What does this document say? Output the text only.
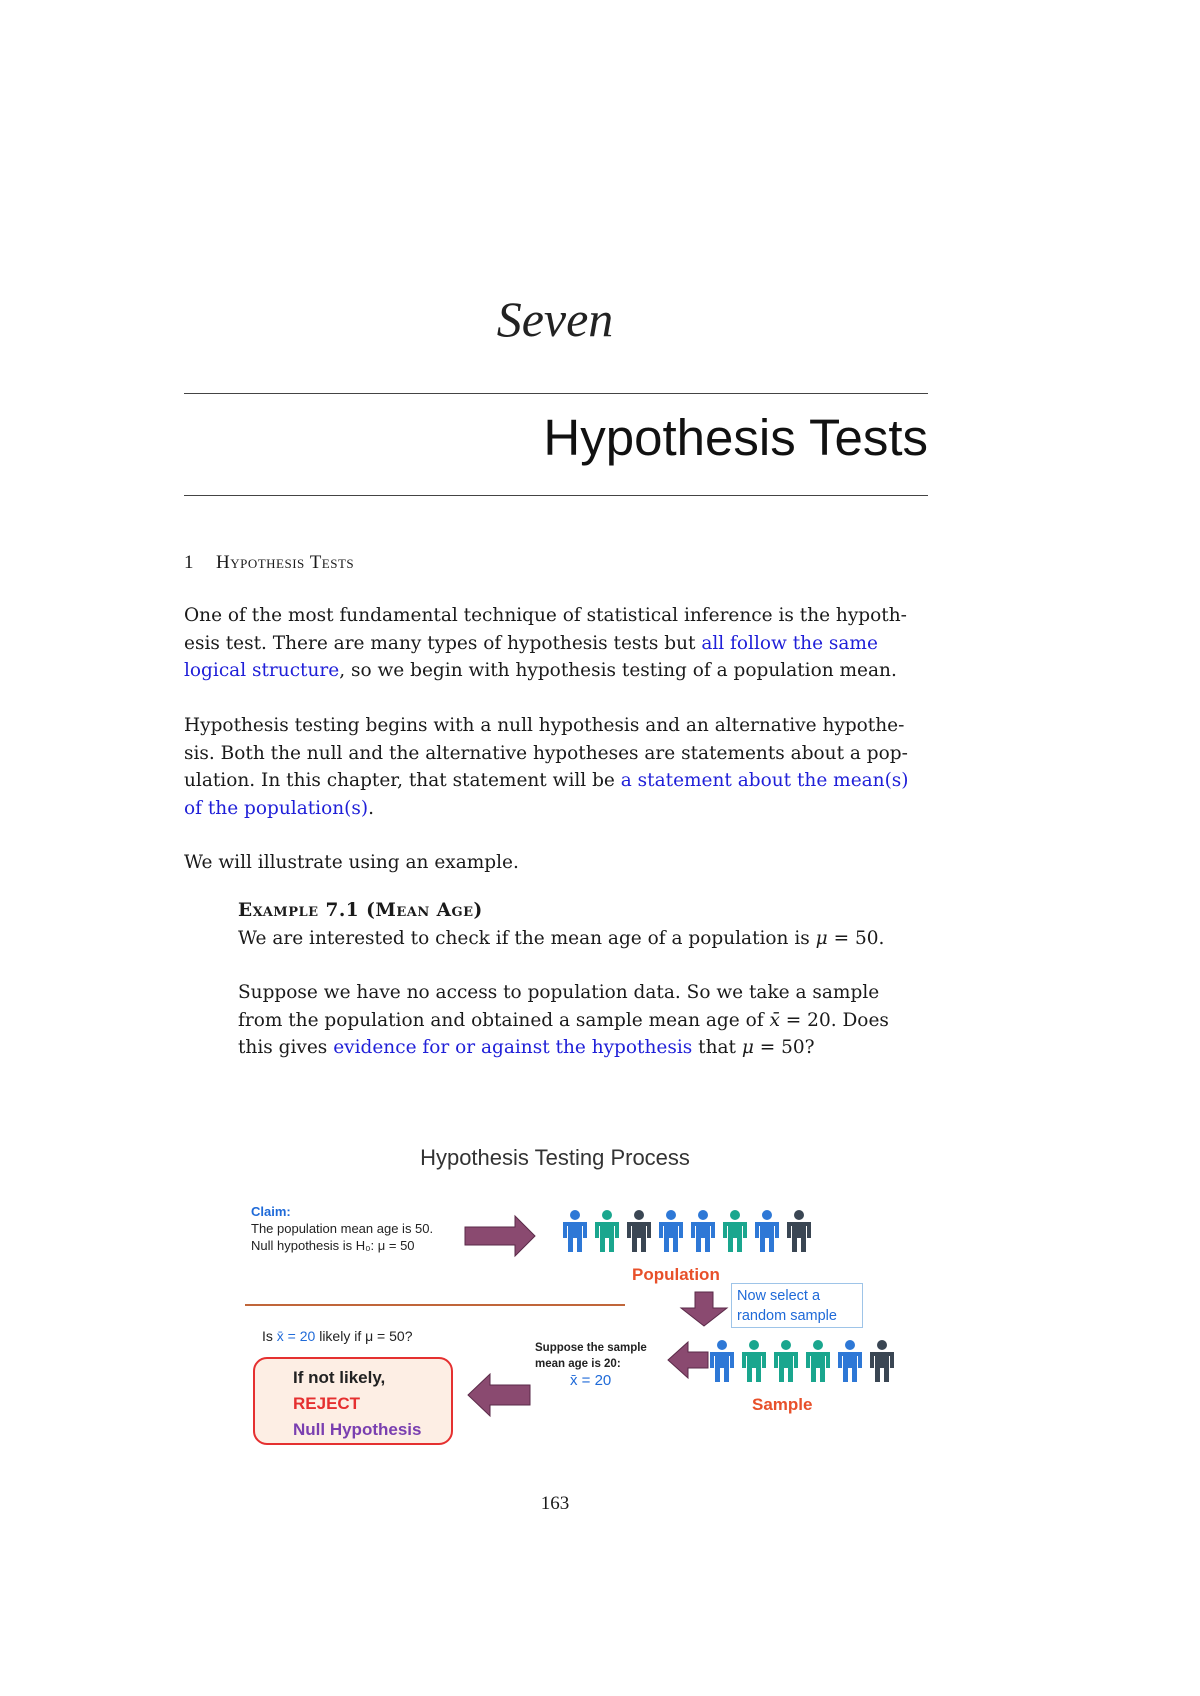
Seven
Hypothesis Tests
1 Hypothesis Tests
One of the most fundamental technique of statistical inference is the hypoth-
esis test. There are many types of hypothesis tests but all follow the same
logical structure, so we begin with hypothesis testing of a population mean.
Hypothesis testing begins with a null hypothesis and an alternative hypothe-
sis. Both the null and the alternative hypotheses are statements about a pop-
ulation. In this chapter, that statement will be a statement about the mean(s)
of the population(s).
We will illustrate using an example.
Example 7.1 (Mean Age)
We are interested to check if the mean age of a population is μ = 50.
Suppose we have no access to population data. So we take a sample
from the population and obtained a sample mean age of x̄ = 20. Does
this gives evidence for or against the hypothesis that μ = 50?
Hypothesis Testing Process
Claim:
The population mean age is 50.
Null hypothesis is H₀: μ = 50
Population
Now select a
random sample
Sample
Is x̄ = 20 likely if μ = 50?
Suppose the sample
mean age is 20:
x̄ = 20
If not likely,
REJECT
Null Hypothesis
163
